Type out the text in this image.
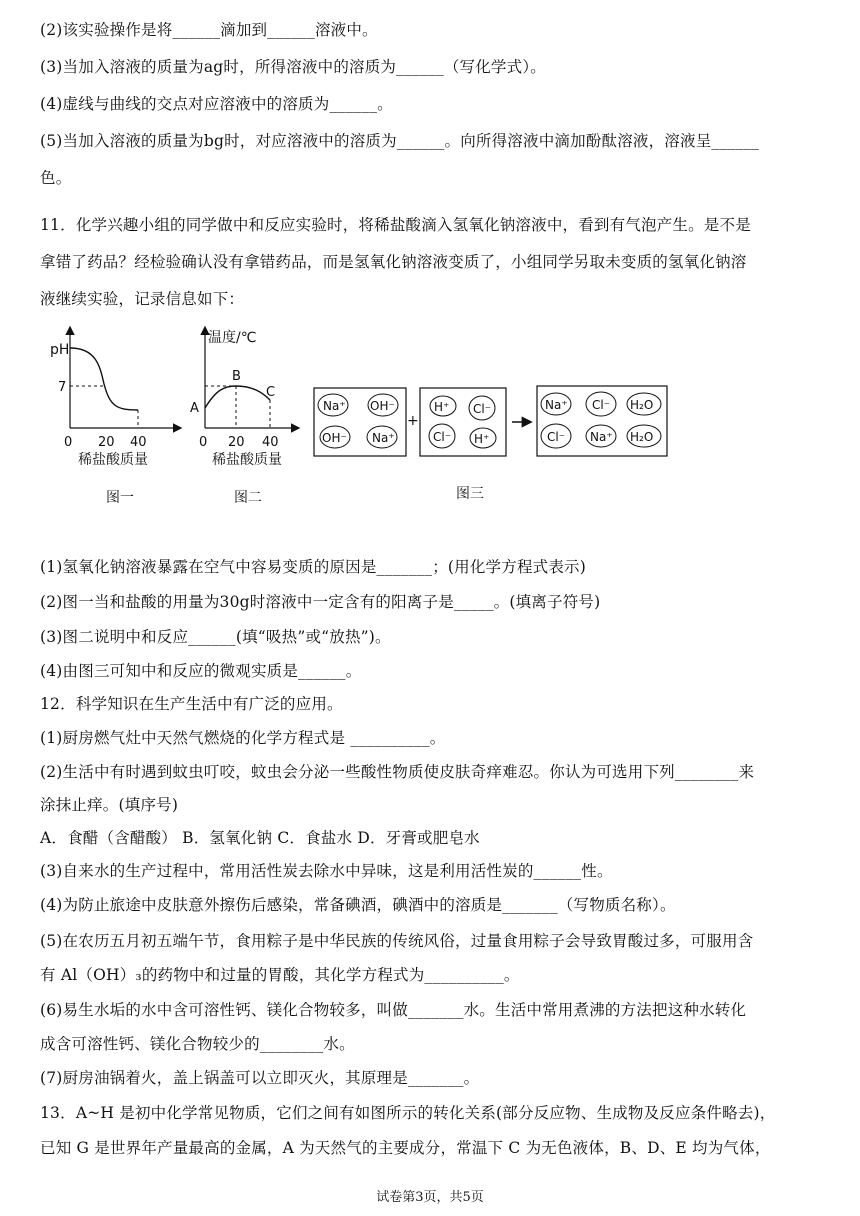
(2)该实验操作是将______滴加到______溶液中。
(3)当加入溶液的质量为ag时，所得溶液中的溶质为______（写化学式）。
(4)虚线与曲线的交点对应溶液中的溶质为______。
(5)当加入溶液的质量为bg时，对应溶液中的溶质为______。向所得溶液中滴加酚酞溶液，溶液呈______
色。
11．化学兴趣小组的同学做中和反应实验时，将稀盐酸滴入氢氧化钠溶液中，看到有气泡产生。是不是
拿错了药品？经检验确认没有拿错药品，而是氢氧化钠溶液变质了，小组同学另取未变质的氢氧化钠溶
液继续实验，记录信息如下：
pH
7
0 20 40
稀盐酸质量
图一
温度/℃
A
B
C
0 20 40
稀盐酸质量
图二
Na⁺ OH⁻
OH⁻ Na⁺
+
H⁺ Cl⁻
Cl⁻ H⁺
Na⁺ Cl⁻ H₂O
Cl⁻ Na⁺ H₂O
图三
(1)氢氧化钠溶液暴露在空气中容易变质的原因是_______；(用化学方程式表示)
(2)图一当和盐酸的用量为30g时溶液中一定含有的阳离子是_____。(填离子符号)
(3)图二说明中和反应______(填“吸热”或“放热”)。
(4)由图三可知中和反应的微观实质是______。
12．科学知识在生产生活中有广泛的应用。
(1)厨房燃气灶中天然气燃烧的化学方程式是 __________。
(2)生活中有时遇到蚊虫叮咬，蚊虫会分泌一些酸性物质使皮肤奇痒难忍。你认为可选用下列________来
涂抹止痒。(填序号)
A．食醋（含醋酸） B．氢氧化钠 C．食盐水 D．牙膏或肥皂水
(3)自来水的生产过程中，常用活性炭去除水中异味，这是利用活性炭的______性。
(4)为防止旅途中皮肤意外擦伤后感染，常备碘酒，碘酒中的溶质是_______（写物质名称）。
(5)在农历五月初五端午节，食用粽子是中华民族的传统风俗，过量食用粽子会导致胃酸过多，可服用含
有 Al（OH）₃的药物中和过量的胃酸，其化学方程式为__________。
(6)易生水垢的水中含可溶性钙、镁化合物较多，叫做_______水。生活中常用煮沸的方法把这种水转化
成含可溶性钙、镁化合物较少的________水。
(7)厨房油锅着火，盖上锅盖可以立即灭火，其原理是_______。
13．A~H 是初中化学常见物质，它们之间有如图所示的转化关系(部分反应物、生成物及反应条件略去)，
已知 G 是世界年产量最高的金属，A 为天然气的主要成分，常温下 C 为无色液体，B、D、E 均为气体，
试卷第3页，共5页
